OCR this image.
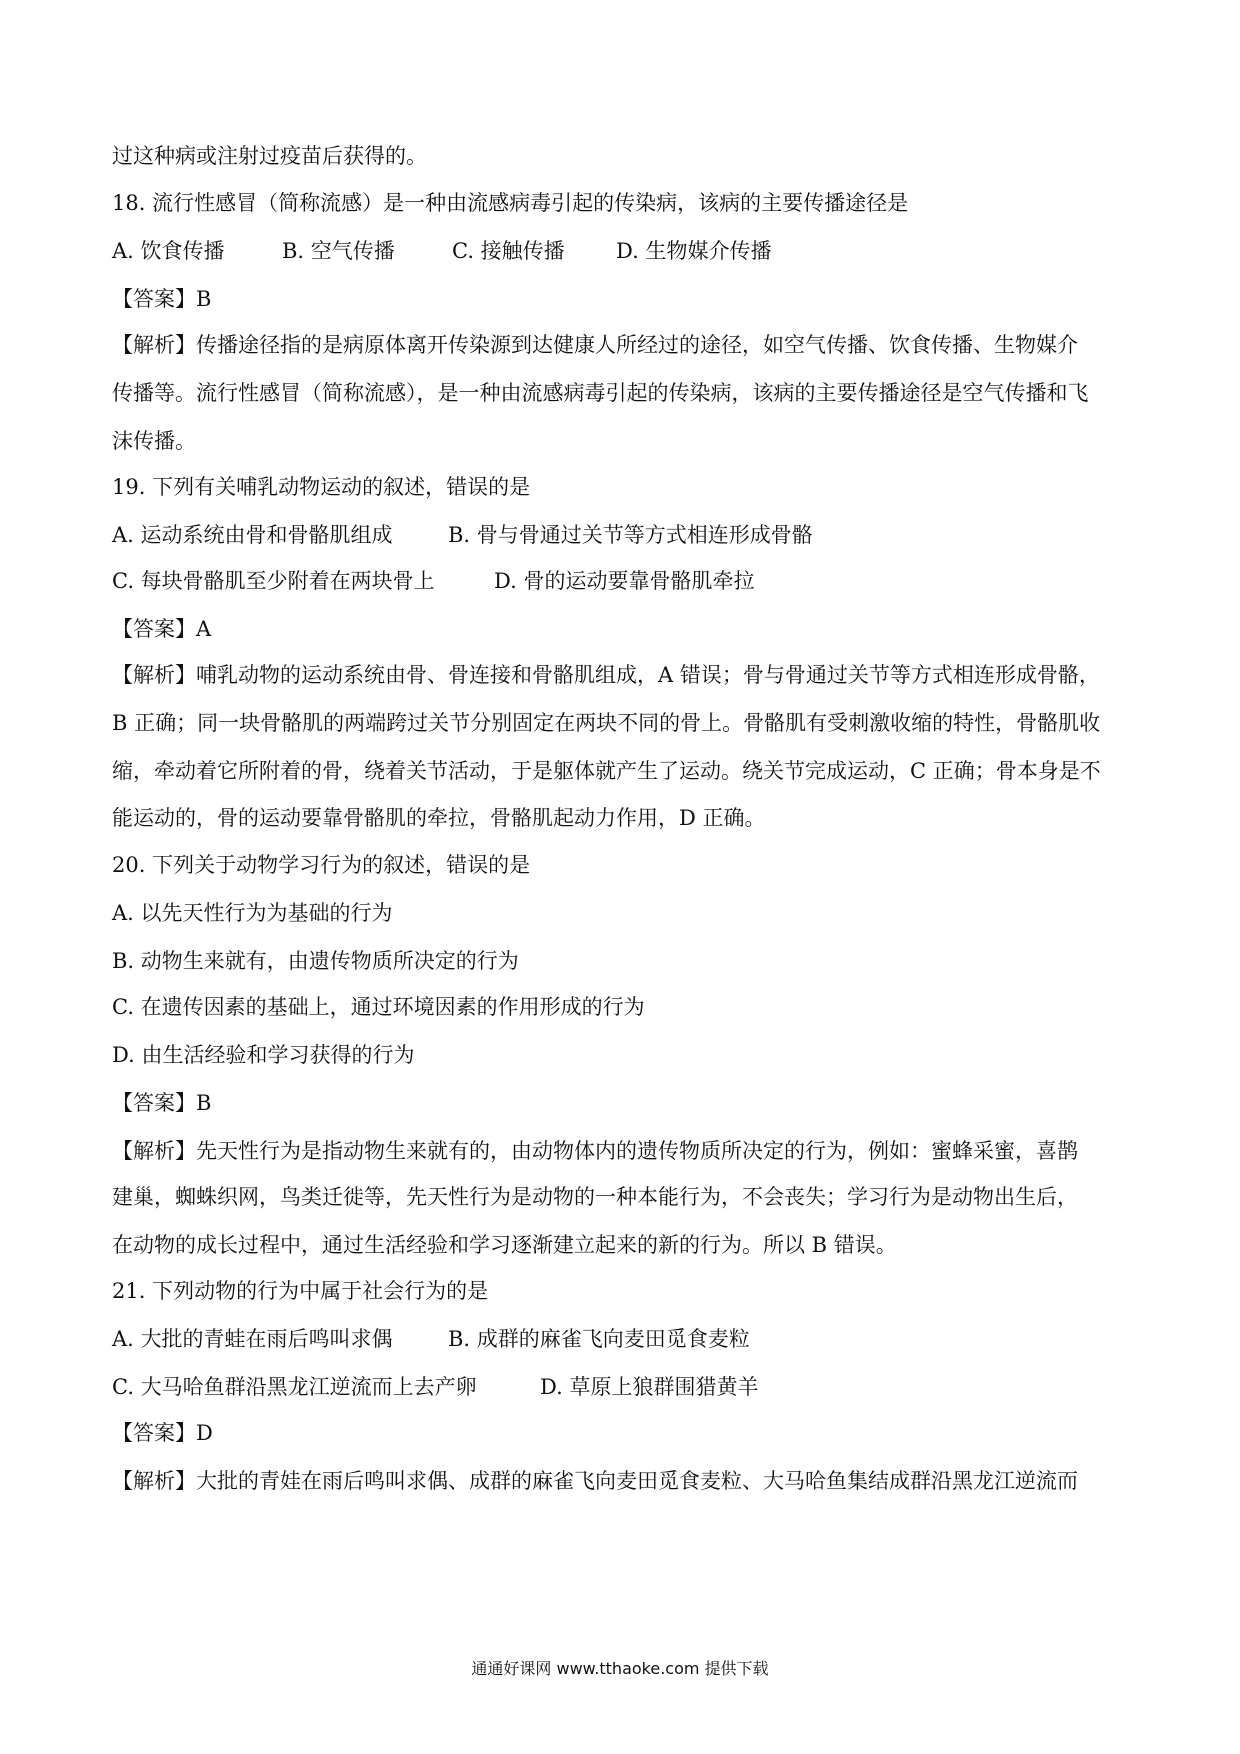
过这种病或注射过疫苗后获得的。
18. 流行性感冒（简称流感）是一种由流感病毒引起的传染病，该病的主要传播途径是
A. 饮食传播	B. 空气传播	C. 接触传播 D. 生物媒介传播
【答案】B
【解析】传播途径指的是病原体离开传染源到达健康人所经过的途径，如空气传播、饮食传播、生物媒介
传播等。流行性感冒（简称流感），是一种由流感病毒引起的传染病，该病的主要传播途径是空气传播和飞
沫传播。
19. 下列有关哺乳动物运动的叙述，错误的是
A. 运动系统由骨和骨骼肌组成	B. 骨与骨通过关节等方式相连形成骨骼
C. 每块骨骼肌至少附着在两块骨上	D. 骨的运动要靠骨骼肌牵拉
【答案】A
【解析】哺乳动物的运动系统由骨、骨连接和骨骼肌组成，A 错误；骨与骨通过关节等方式相连形成骨骼，
B 正确；同一块骨骼肌的两端跨过关节分别固定在两块不同的骨上。骨骼肌有受刺激收缩的特性，骨骼肌收
缩，牵动着它所附着的骨，绕着关节活动，于是躯体就产生了运动。绕关节完成运动，C 正确；骨本身是不
能运动的，骨的运动要靠骨骼肌的牵拉，骨骼肌起动力作用，D 正确。
20. 下列关于动物学习行为的叙述，错误的是
A. 以先天性行为为基础的行为
B. 动物生来就有，由遗传物质所决定的行为
C. 在遗传因素的基础上，通过环境因素的作用形成的行为
D. 由生活经验和学习获得的行为
【答案】B
【解析】先天性行为是指动物生来就有的，由动物体内的遗传物质所决定的行为，例如：蜜蜂采蜜，喜鹊
建巢，蜘蛛织网，鸟类迁徙等，先天性行为是动物的一种本能行为，不会丧失；学习行为是动物出生后，
在动物的成长过程中，通过生活经验和学习逐渐建立起来的新的行为。所以 B 错误。
21. 下列动物的行为中属于社会行为的是
A. 大批的青蛙在雨后鸣叫求偶	B. 成群的麻雀飞向麦田觅食麦粒
C. 大马哈鱼群沿黑龙江逆流而上去产卵	D. 草原上狼群围猎黄羊
【答案】D
【解析】大批的青娃在雨后鸣叫求偶、成群的麻雀飞向麦田觅食麦粒、大马哈鱼集结成群沿黑龙江逆流而
通通好课网 www.tthaoke.com 提供下载
